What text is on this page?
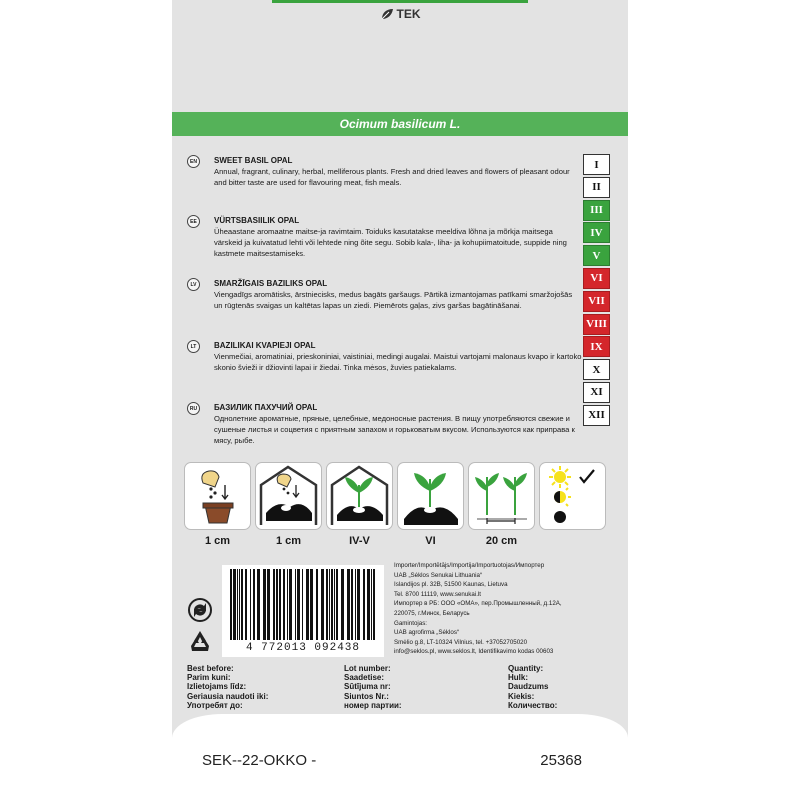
TEK
Ocimum basilicum L.
EN	SWEET BASIL OPAL
Annual, fragrant, culinary, herbal, melliferous plants. Fresh and dried leaves and flowers of pleasant odour and bitter taste are used for flavouring meat, fish meals.
EE	VÜRTSBASIILIK OPAL
Üheaastane aromaatne maitse-ja ravimtaim. Toiduks kasutatakse meeldiva lõhna ja mõrkja maitsega värskeid ja kuivatatud lehti või lehtede ning õite segu. Sobib kala-, liha- ja kohupiimatoitude, suppide ning kastmete maitsestamiseks.
LV	SMARŽĪGAIS BAZILIKS OPAL
Viengadīgs aromātisks, ārstniecisks, medus bagāts garšaugs. Pārtikā izmantojamas patīkami smaržojošās un rūgtenās svaigas un kaltētas lapas un ziedi. Piemērots gaļas, zivs garšas bagātināšanai.
LT	BAZILIKAI KVAPIEJI OPAL
Vienmečiai, aromatiniai, prieskoniniai, vaistiniai, medingi augalai. Maistui vartojami malonaus kvapo ir kartoko skonio švieži ir džiovinti lapai ir žiedai. Tinka mėsos, žuvies patiekalams.
RU	БАЗИЛИК ПАХУЧИЙ OPAL
Однолетние ароматные, пряные, целебные, медоносные растения. В пищу употребляются свежие и сушеные листья и соцветия с приятным запахом и горьковатым вкусом. Используются как приправа к мясу, рыбе.
I
II
III
IV
V
VI
VII
VIII
IX
X
XI
XII
1 cm	1 cm	IV-V	VI	20 cm
4 772013 092438
Importer/Importētājs/Importija/Importuotojas/Импортер
UAB „Sėklos Senukai Lithuania“
Islandijos pl. 32B, 51500 Kaunas, Lietuva
Tel. 8700 11119, www.senukai.lt
Импортер в РБ: ООО «ОМА», пер.Промышленный, д.12А,
220075, г.Минск, Беларусь
Gamintojas:
UAB agrofirma „Sėklos“
Smėlio g.8, LT-10324 Vilnius, tel. +37052705020
info@seklos.pl, www.seklos.lt, Identifikavimo kodas 00603
Best before:
Parim kuni:
Izlietojams līdz:
Geriausia naudoti iki:
Употребят до:
Lot number:
Saadetise:
Sūtījuma nr:
Siuntos Nr.:
номер партии:
Quantity:
Hulk:
Daudzums
Kiekis:
Количество:
SEK--22-OKKO -	25368
